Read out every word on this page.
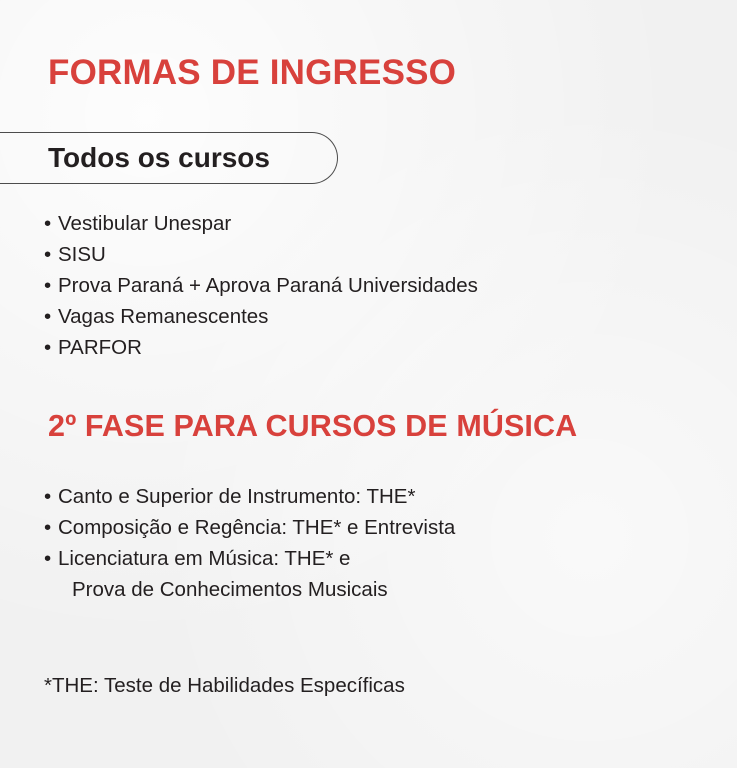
FORMAS DE INGRESSO
Todos os cursos
• Vestibular Unespar
• SISU
• Prova Paraná + Aprova Paraná Universidades
• Vagas Remanescentes
• PARFOR
2º FASE PARA CURSOS DE MÚSICA
• Canto e Superior de Instrumento: THE*
• Composição e Regência: THE* e Entrevista
• Licenciatura em Música: THE* e
Prova de Conhecimentos Musicais
*THE: Teste de Habilidades Específicas
